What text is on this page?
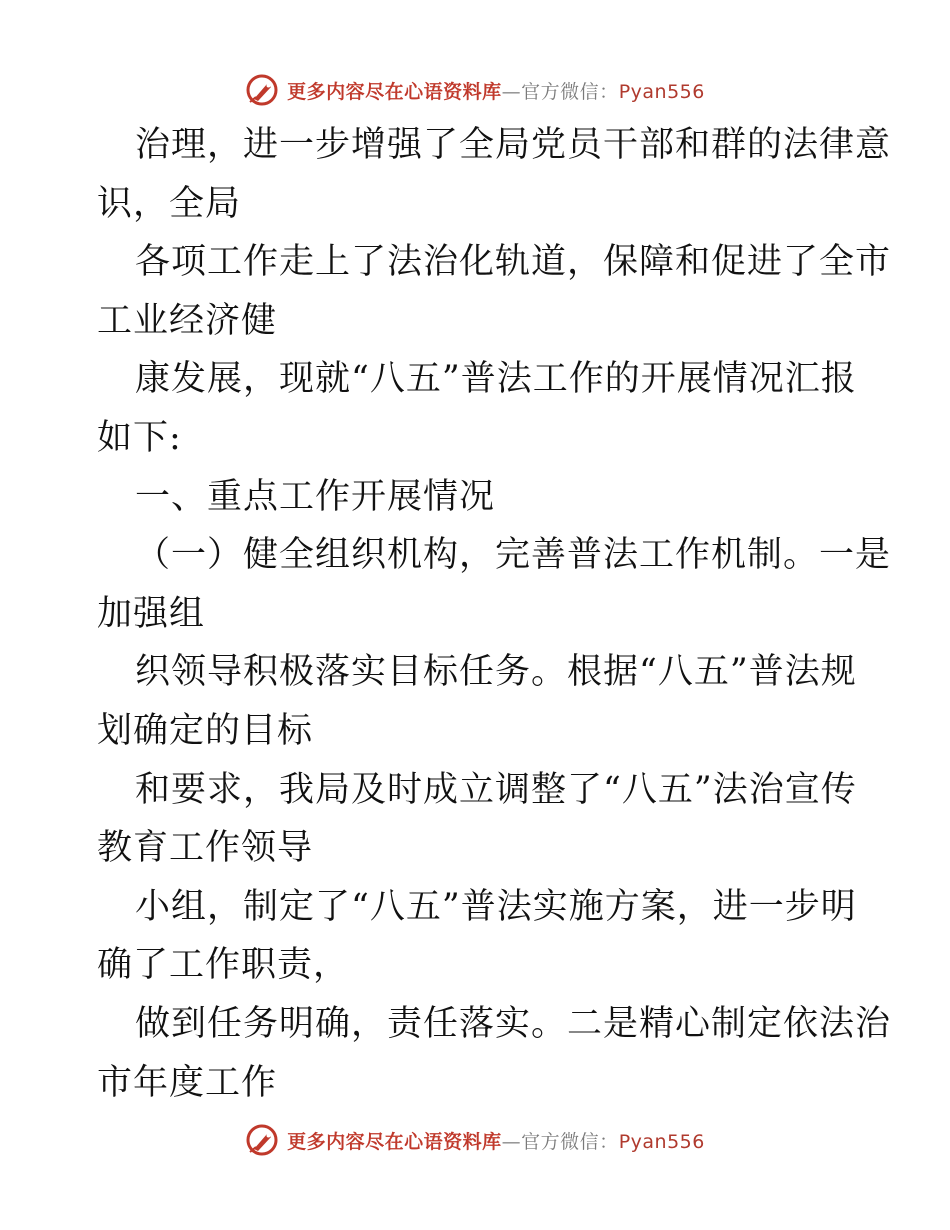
更多内容尽在心语资料库—官方微信：Pyan556
治理，进一步增强了全局党员干部和群的法律意
识，全局
各项工作走上了法治化轨道，保障和促进了全市
工业经济健
康发展，现就“八五”普法工作的开展情况汇报
如下:
一、重点工作开展情况
（一）健全组织机构，完善普法工作机制。一是
加强组
织领导积极落实目标任务。根据“八五”普法规
划确定的目标
和要求，我局及时成立调整了“八五”法治宣传
教育工作领导
小组，制定了“八五”普法实施方案，进一步明
确了工作职责，
做到任务明确，责任落实。二是精心制定依法治
市年度工作
更多内容尽在心语资料库—官方微信：Pyan556
